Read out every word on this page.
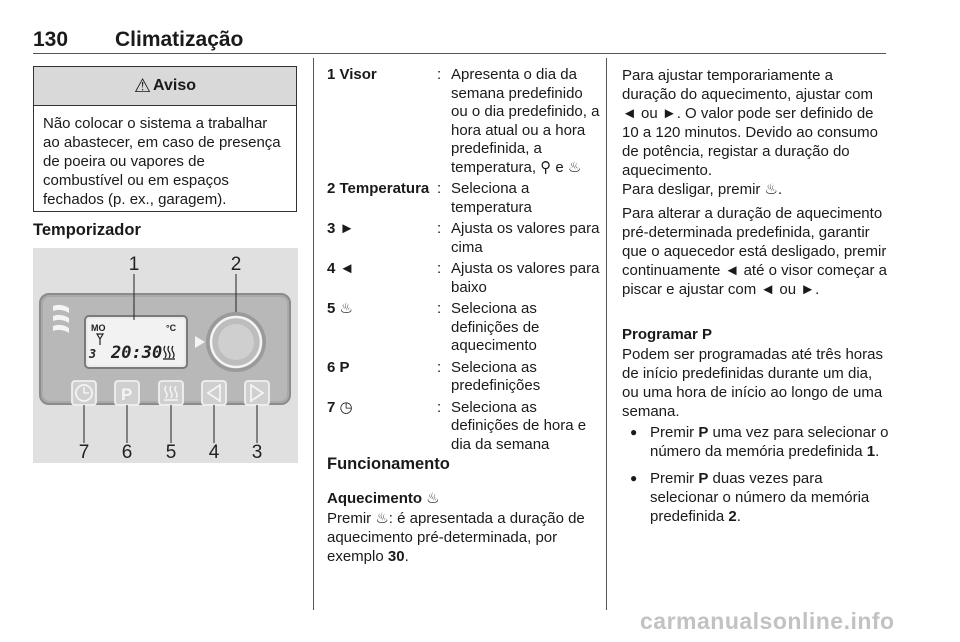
130 Climatização
⚠ Aviso
Não colocar o sistema a trabalhar ao abastecer, em caso de presença de poeira ou vapores de combustível ou em espaços fechados (p. ex., garagem).
Temporizador
MO	°C
3 20:30
P
1	2
7 6 5 4 3
1 Visor	: Apresenta o dia da semana predefinido ou o dia predefinido, a hora atual ou a hora predefinida, a temperatura, ⚲ e ♨
2 Temperatura : Seleciona a temperatura
3 ►	: Ajusta os valores para cima
4 ◄	: Ajusta os valores para baixo
5 ♨	: Seleciona as definições de aquecimento
6 P	: Seleciona as predefinições
7 ◷	: Seleciona as definições de hora e dia da semana
Funcionamento
Aquecimento ♨
Premir ♨: é apresentada a duração de aquecimento pré-determinada, por exemplo 30.
Para ajustar temporariamente a duração do aquecimento, ajustar com ◄ ou ►. O valor pode ser definido de 10 a 120 minutos. Devido ao consumo de potência, registar a duração do aquecimento.
Para desligar, premir ♨.
Para alterar a duração de aquecimento pré-determinada predefinida, garantir que o aquecedor está desligado, premir continuamente ◄ até o visor começar a piscar e ajustar com ◄ ou ►.
Programar P
Podem ser programadas até três horas de início predefinidas durante um dia, ou uma hora de início ao longo de uma semana.
● Premir P uma vez para selecionar o número da memória predefinida 1.
● Premir P duas vezes para selecionar o número da memória predefinida 2.
carmanualsonline.info
